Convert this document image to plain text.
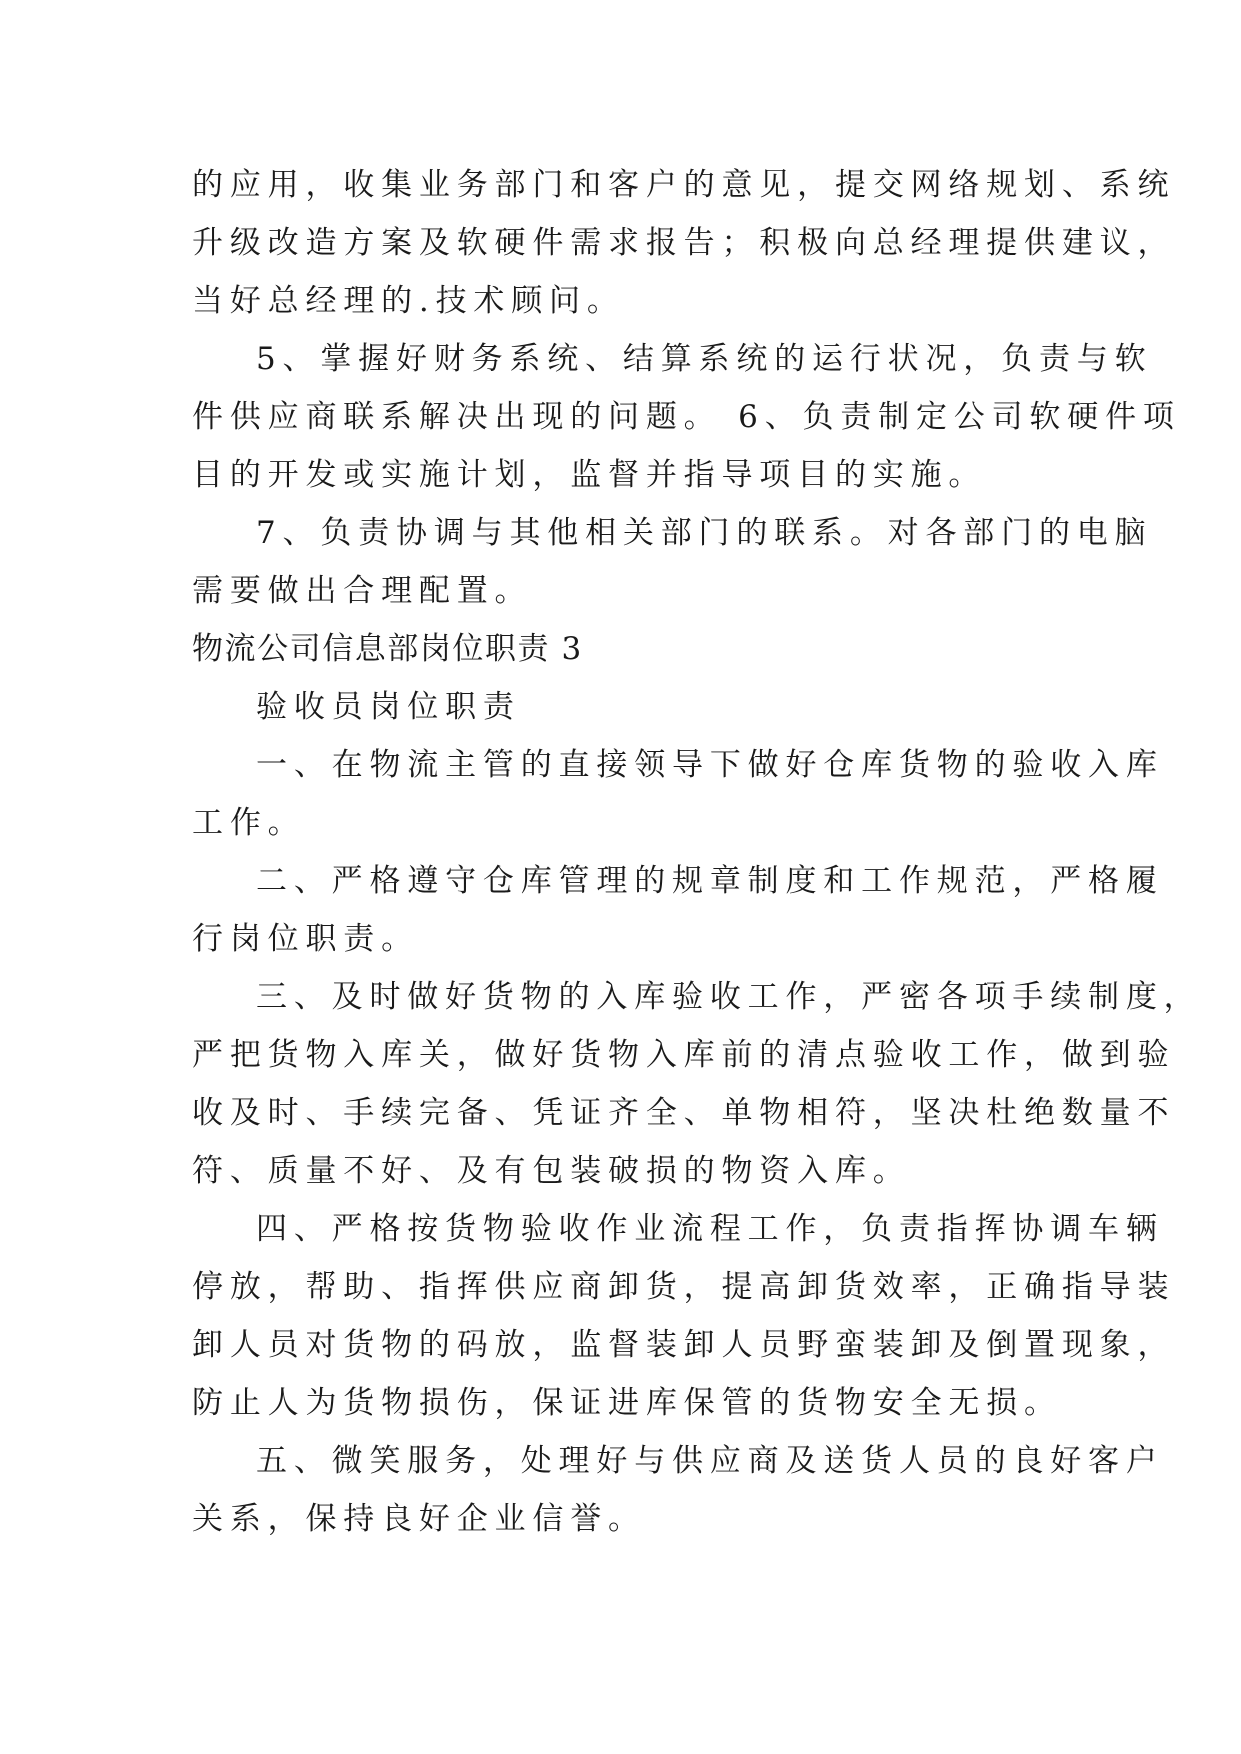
的应用，收集业务部门和客户的意见，提交网络规划、系统
升级改造方案及软硬件需求报告；积极向总经理提供建议，
当好总经理的.技术顾问。
5、掌握好财务系统、结算系统的运行状况，负责与软
件供应商联系解决出现的问题。 6、负责制定公司软硬件项
目的开发或实施计划，监督并指导项目的实施。
7、负责协调与其他相关部门的联系。对各部门的电脑
需要做出合理配置。
物流公司信息部岗位职责 3
验收员岗位职责
一、在物流主管的直接领导下做好仓库货物的验收入库
工作。
二、严格遵守仓库管理的规章制度和工作规范，严格履
行岗位职责。
三、及时做好货物的入库验收工作，严密各项手续制度，
严把货物入库关，做好货物入库前的清点验收工作，做到验
收及时、手续完备、凭证齐全、单物相符，坚决杜绝数量不
符、质量不好、及有包装破损的物资入库。
四、严格按货物验收作业流程工作，负责指挥协调车辆
停放，帮助、指挥供应商卸货，提高卸货效率，正确指导装
卸人员对货物的码放，监督装卸人员野蛮装卸及倒置现象，
防止人为货物损伤，保证进库保管的货物安全无损。
五、微笑服务，处理好与供应商及送货人员的良好客户
关系，保持良好企业信誉。
